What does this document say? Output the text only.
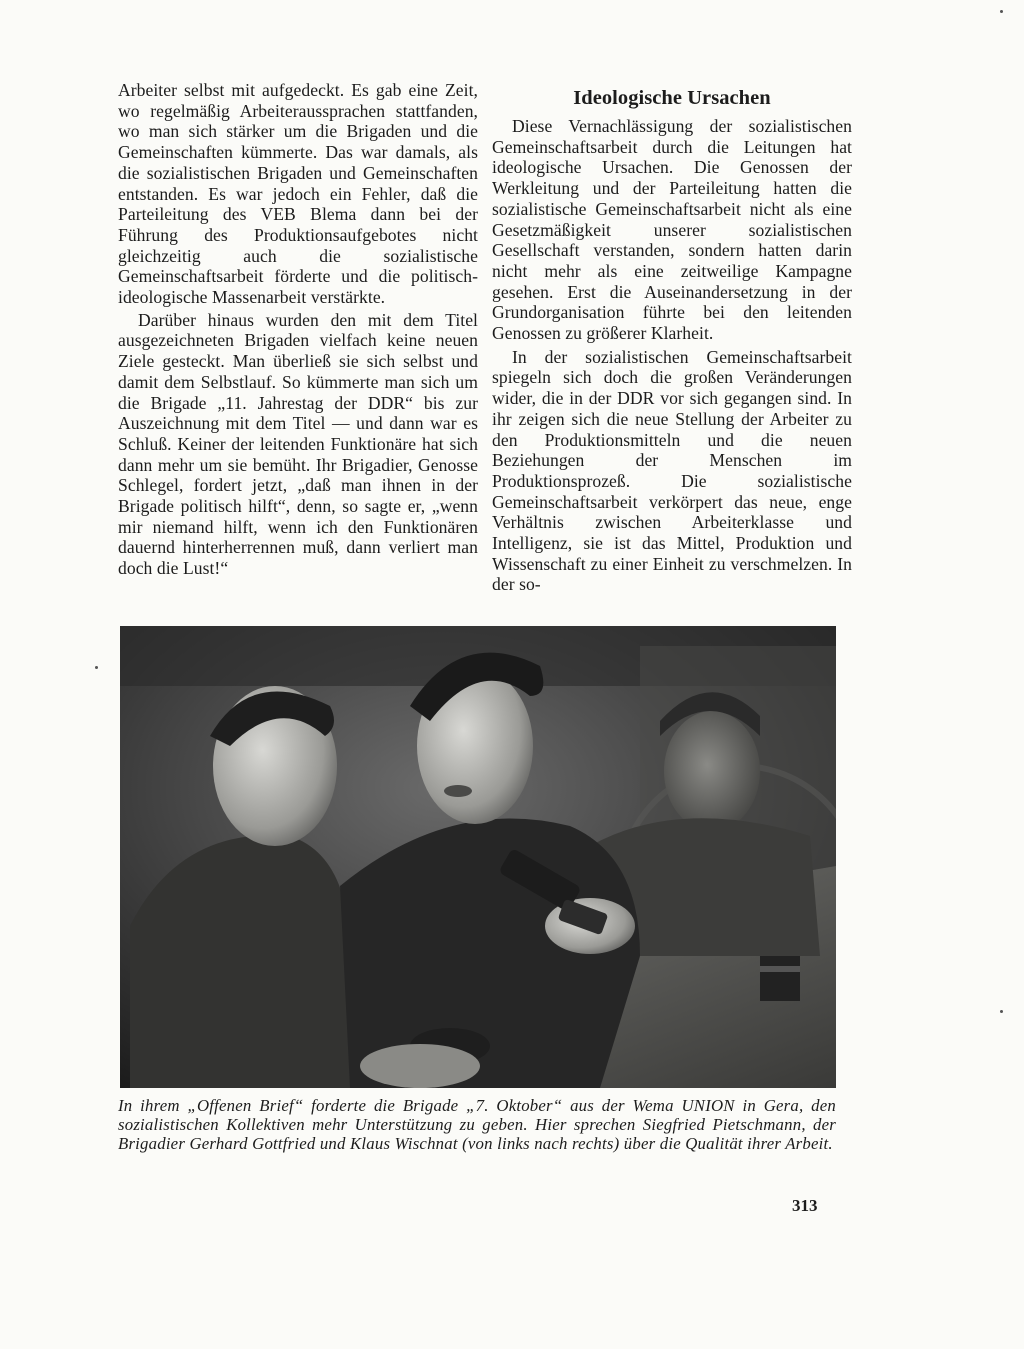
Arbeiter selbst mit aufgedeckt. Es gab eine Zeit, wo regelmäßig Arbeiteraussprachen stattfanden, wo man sich stärker um die Brigaden und die Gemeinschaften kümmerte. Das war damals, als die sozialistischen Brigaden und Gemeinschaften entstanden. Es war jedoch ein Fehler, daß die Parteileitung des VEB Blema dann bei der Führung des Produktionsaufgebotes nicht gleichzeitig auch die sozialistische Gemeinschaftsarbeit förderte und die politisch-ideologische Massenarbeit verstärkte.

Darüber hinaus wurden den mit dem Titel ausgezeichneten Brigaden vielfach keine neuen Ziele gesteckt. Man überließ sie sich selbst und damit dem Selbstlauf. So kümmerte man sich um die Brigade „11. Jahrestag der DDR“ bis zur Auszeichnung mit dem Titel — und dann war es Schluß. Keiner der leitenden Funktionäre hat sich dann mehr um sie bemüht. Ihr Brigadier, Genosse Schlegel, fordert jetzt, „daß man ihnen in der Brigade politisch hilft“, denn, so sagte er, „wenn mir niemand hilft, wenn ich den Funktionären dauernd hinterherrennen muß, dann verliert man doch die Lust!“

Ideologische Ursachen

Diese Vernachlässigung der sozialistischen Gemeinschaftsarbeit durch die Leitungen hat ideologische Ursachen. Die Genossen der Werkleitung und der Parteileitung hatten die sozialistische Gemeinschaftsarbeit nicht als eine Gesetzmäßigkeit unserer sozialistischen Gesellschaft verstanden, sondern hatten darin nicht mehr als eine zeitweilige Kampagne gesehen. Erst die Auseinandersetzung in der Grundorganisation führte bei den leitenden Genossen zu größerer Klarheit.

In der sozialistischen Gemeinschaftsarbeit spiegeln sich doch die großen Veränderungen wider, die in der DDR vor sich gegangen sind. In ihr zeigen sich die neue Stellung der Arbeiter zu den Produktionsmitteln und die neuen Beziehungen der Menschen im Produktionsprozeß. Die sozialistische Gemeinschaftsarbeit verkörpert das neue, enge Verhältnis zwischen Arbeiterklasse und Intelligenz, sie ist das Mittel, Produktion und Wissenschaft zu einer Einheit zu verschmelzen. In der so-

In ihrem „Offenen Brief“ forderte die Brigade „7. Oktober“ aus der Wema UNION in Gera, den sozialistischen Kollektiven mehr Unterstützung zu geben. Hier sprechen Siegfried Pietschmann, der Brigadier Gerhard Gottfried und Klaus Wischnat (von links nach rechts) über die Qualität ihrer Arbeit.
313
